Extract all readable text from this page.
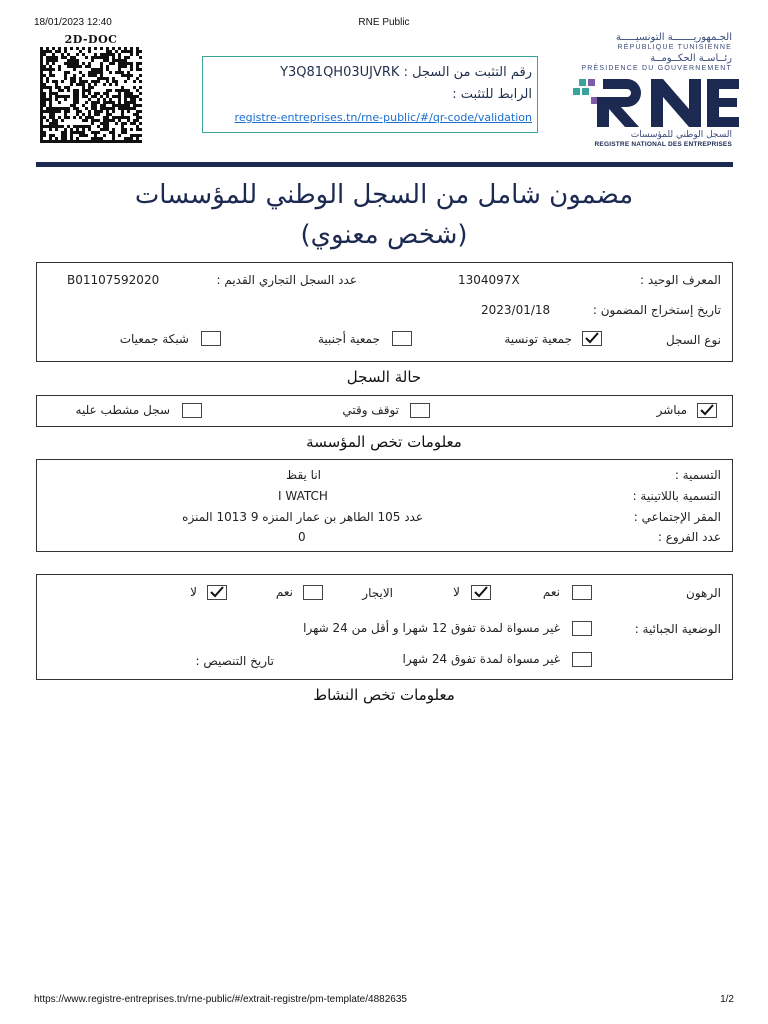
18/01/2023 12:40	RNE Public
https://www.registre-entreprises.tn/rne-public/#/extrait-registre/pm-template/4882635	1/2
2D-DOC
رقم التثبت من السجل : Y3Q81QH03UJVRK
الرابط للتثبت :
registre-entreprises.tn/rne-public/#/qr-code/validation
الجـمهوريـــــــة التونسيـــــة
RÉPUBLIQUE TUNISIENNE
رئــاسـة الحكــومــة
PRÉSIDENCE DU GOUVERNEMENT
السجل الوطني للمؤسسات
REGISTRE NATIONAL DES ENTREPRISES
مضمون شامل من السجل الوطني للمؤسسات
(شخص معنوي)
المعرف الوحيد :
1304097X
عدد السجل التجاري القديم :
B01107592020
تاريخ إستخراج المضمون :
2023/01/18
نوع السجل
جمعية تونسية
جمعية أجنبية
شبكة جمعيات
حالة السجل
مباشر
توقف وقتي
سجل مشطب عليه
معلومات تخص المؤسسة
التسمية :
انا يقظ
التسمية باللاتينية :
I WATCH
المقر الإجتماعي :
عدد 105 الطاهر بن عمار المنزه 9 1013 المنزه
عدد الفروع :
0
الرهون
نعم
لا
الايجار
نعم
لا
الوضعية الجبائية :
غير مسواة لمدة تفوق 12 شهرا و أقل من 24 شهرا
غير مسواة لمدة تفوق 24 شهرا
تاريخ التنصيص :
معلومات تخص النشاط
